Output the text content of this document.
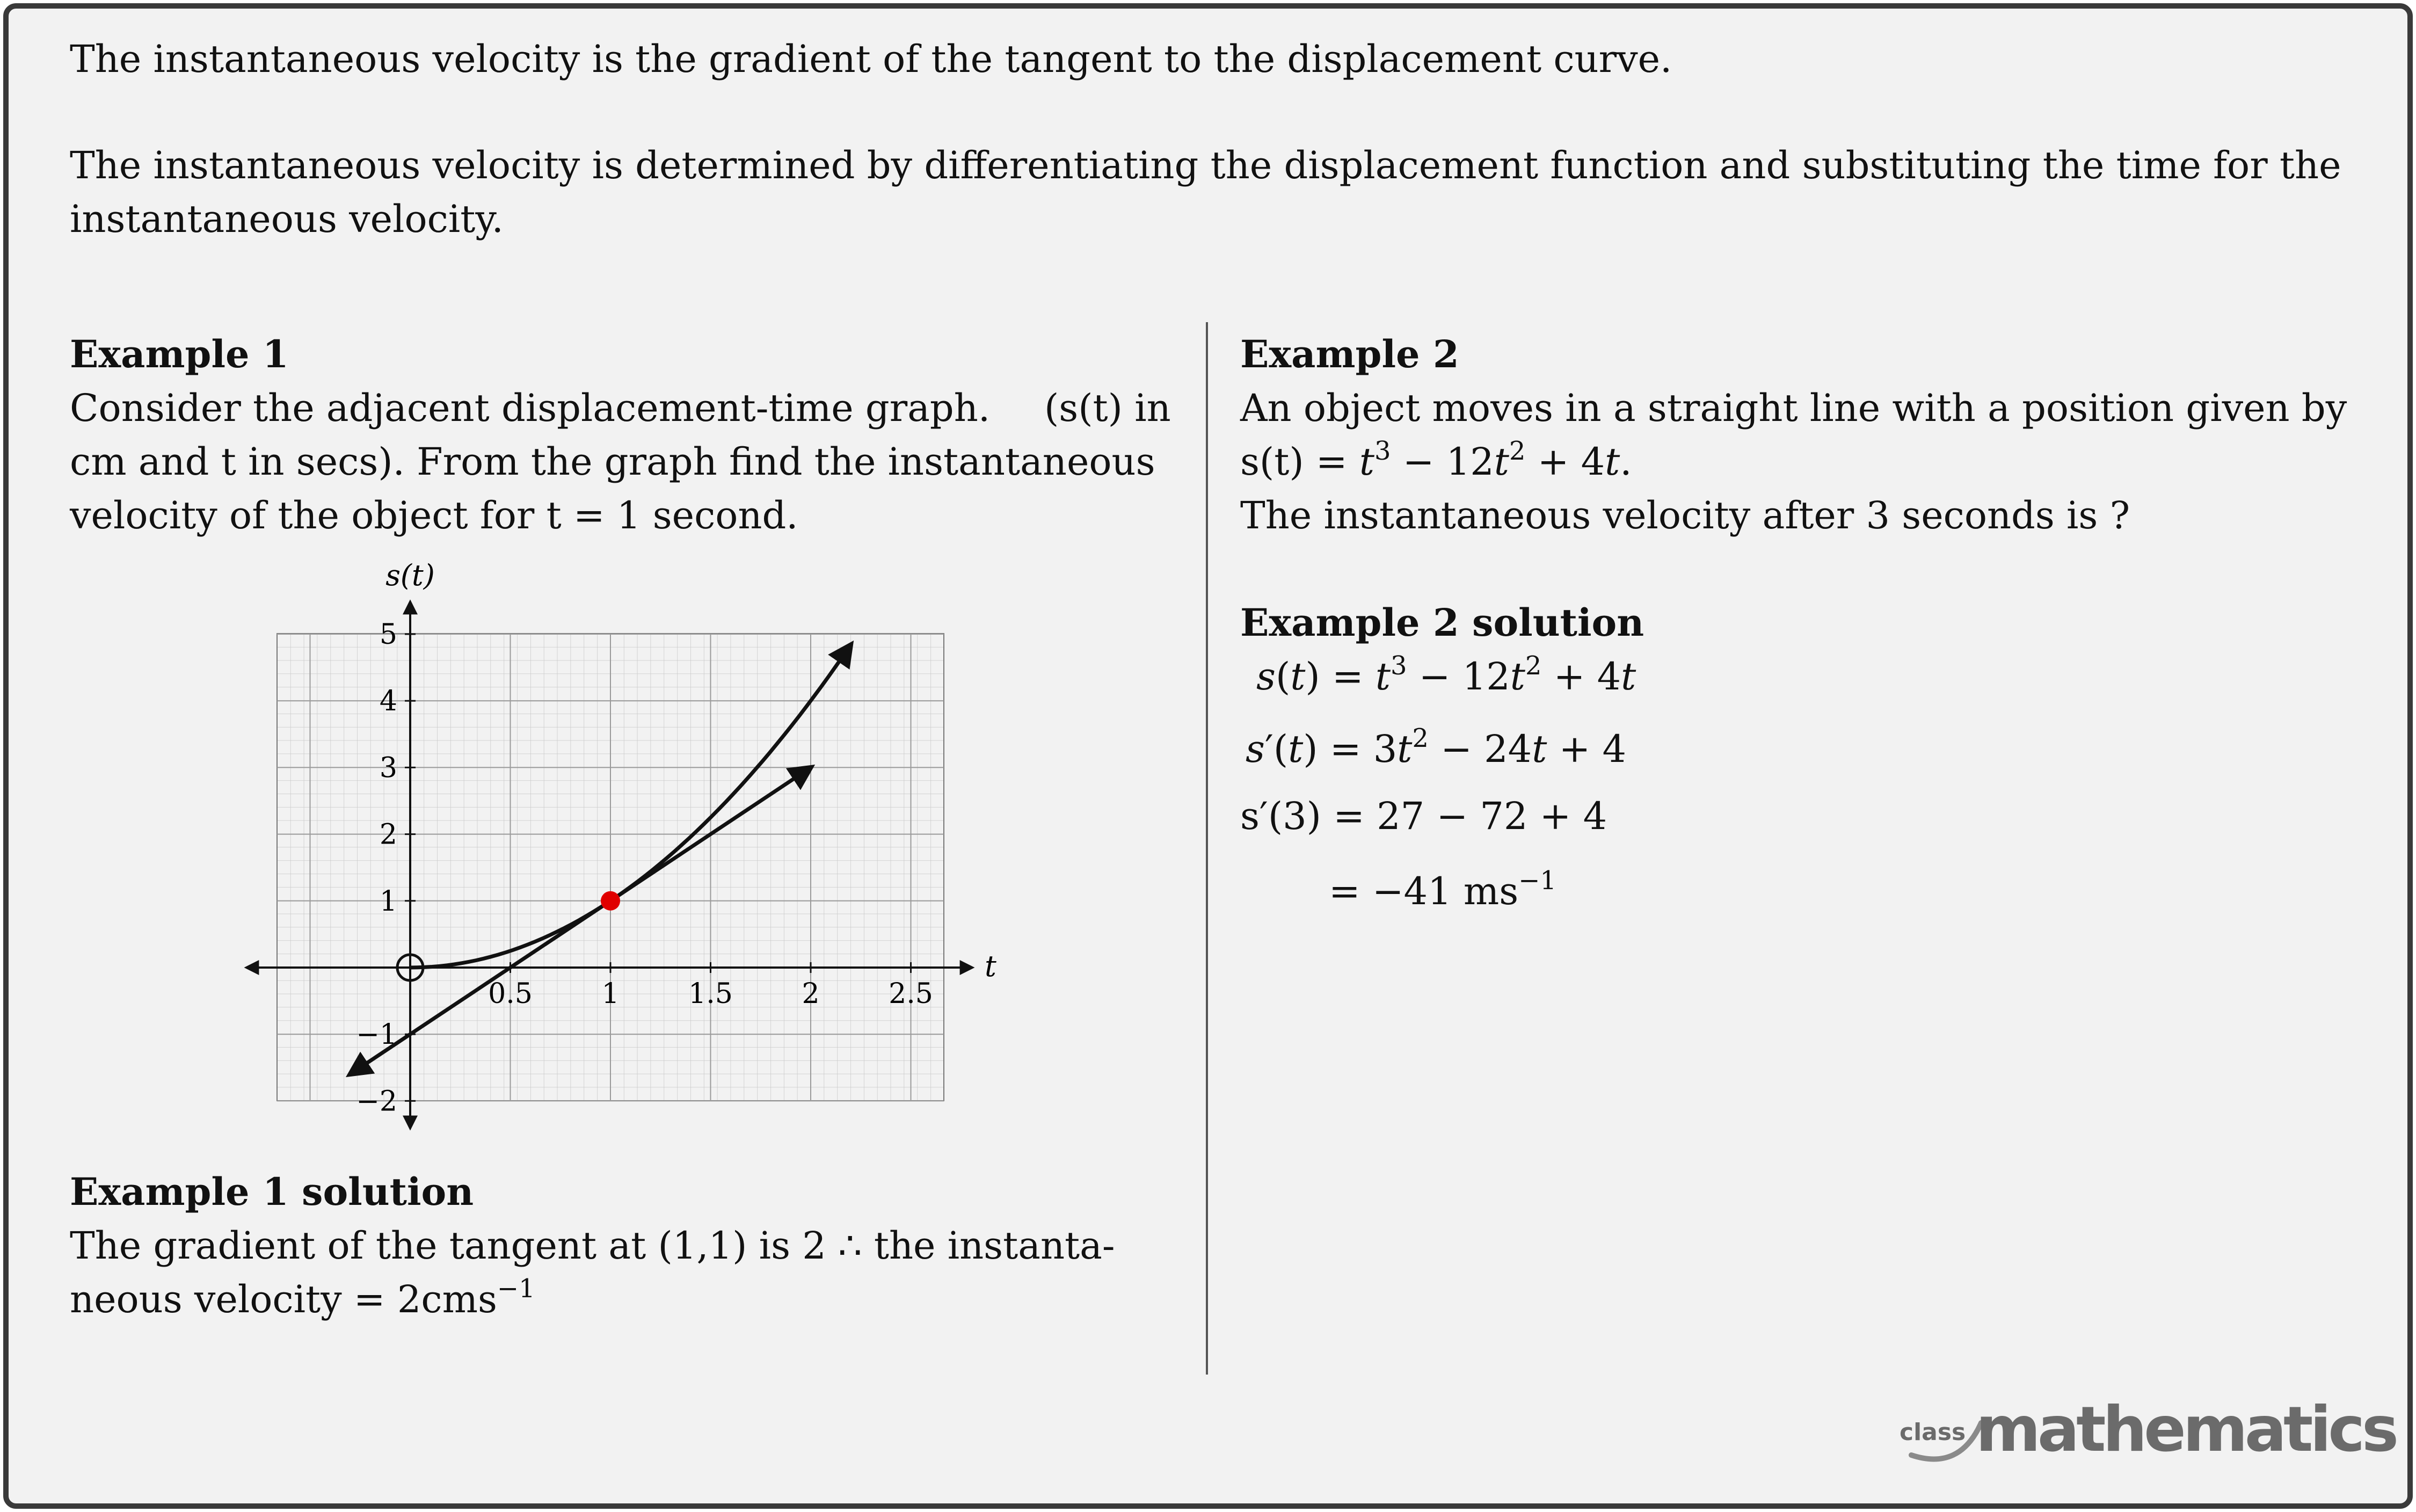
The instantaneous velocity is the gradient of the tangent to the displacement curve.
The instantaneous velocity is determined by differentiating the displacement function and substituting the time for the
instantaneous velocity.
Example 1
Consider the adjacent displacement-time graph. (s(t) in
cm and t in secs). From the graph find the instantaneous
velocity of the object for t = 1 second.
s(t)
t
0.5 1 1.5 2 2.5
5
4
3
2
1
−1
−2
Example 1 solution
The gradient of the tangent at (1,1) is 2 ∴ the instanta-
neous velocity = 2cms$^{-1}$
Example 2
An object moves in a straight line with a position given by
$s(t) = t^3 - 12t^2 + 4t$.
The instantaneous velocity after 3 seconds is ?
Example 2 solution
$s(t) = t^3 - 12t^2 + 4t$
$s'(t) = 3t^2 - 24t + 4$
s′(3) = 27 − 72 + 4
= −41 $ms^{-1}$
class mathematics
